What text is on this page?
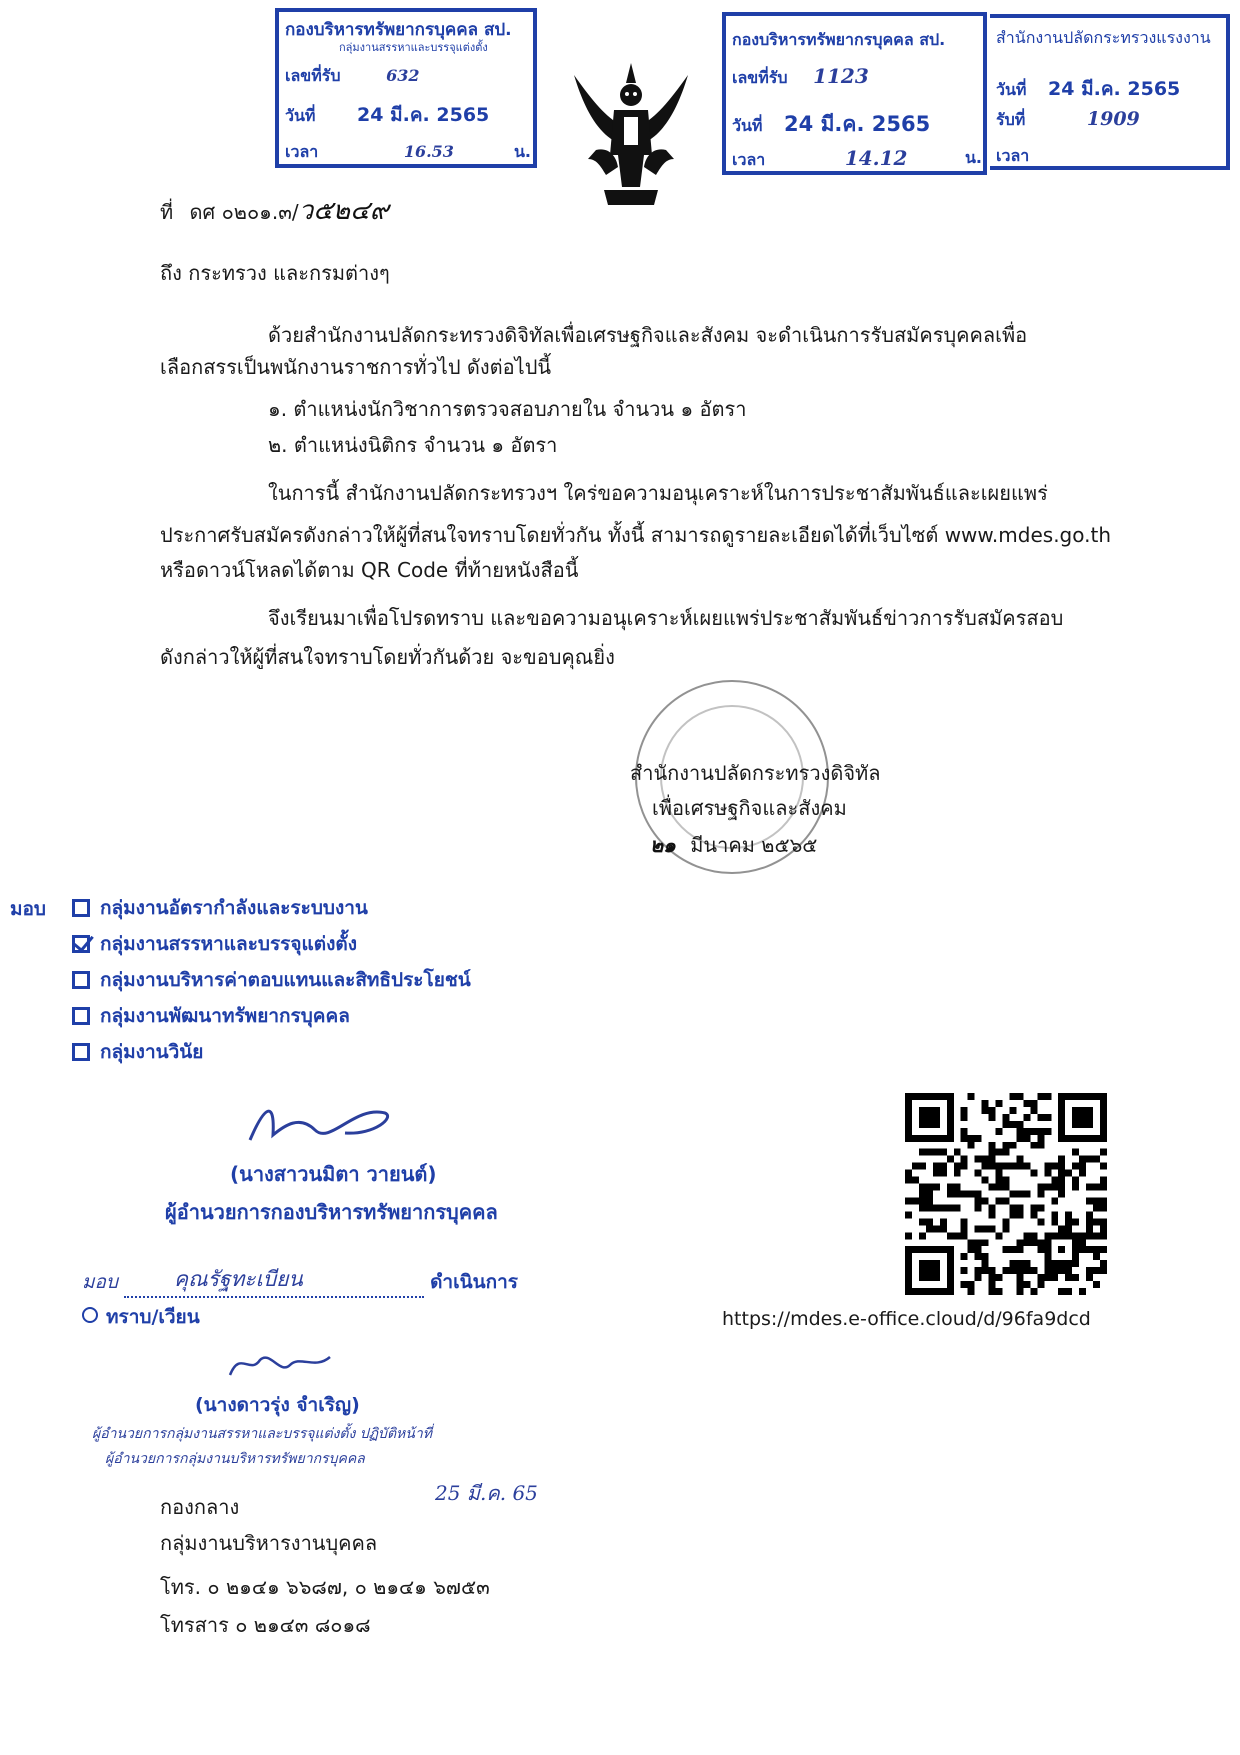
กองบริหารทรัพยากรบุคคล สป.
กลุ่มงานสรรหาและบรรจุแต่งตั้ง
เลขที่รับ	632
วันที่ 24 มี.ค. 2565
เวลา	16.53	น.
กองบริหารทรัพยากรบุคคล สป.
เลขที่รับ 1123
วันที่ 24 มี.ค. 2565
เวลา	14.12	น.
สำนักงานปลัดกระทรวงแรงงาน
วันที่ 24 มี.ค. 2565
รับที่	1909
เวลา
ที่ ดศ ๐๒๐๑.๓/ว๕๒๔๙
ถึง กระทรวง และกรมต่างๆ
ด้วยสำนักงานปลัดกระทรวงดิจิทัลเพื่อเศรษฐกิจและสังคม จะดำเนินการรับสมัครบุคคลเพื่อ
เลือกสรรเป็นพนักงานราชการทั่วไป ดังต่อไปนี้
๑. ตำแหน่งนักวิชาการตรวจสอบภายใน จำนวน ๑ อัตรา
๒. ตำแหน่งนิติกร จำนวน ๑ อัตรา
ในการนี้ สำนักงานปลัดกระทรวงฯ ใคร่ขอความอนุเคราะห์ในการประชาสัมพันธ์และเผยแพร่
ประกาศรับสมัครดังกล่าวให้ผู้ที่สนใจทราบโดยทั่วกัน ทั้งนี้ สามารถดูรายละเอียดได้ที่เว็บไซต์ www.mdes.go.th
หรือดาวน์โหลดได้ตาม QR Code ที่ท้ายหนังสือนี้
จึงเรียนมาเพื่อโปรดทราบ และขอความอนุเคราะห์เผยแพร่ประชาสัมพันธ์ข่าวการรับสมัครสอบ
ดังกล่าวให้ผู้ที่สนใจทราบโดยทั่วกันด้วย จะขอบคุณยิ่ง
สำนักงานปลัดกระทรวงดิจิทัล
เพื่อเศรษฐกิจและสังคม
๒๑ มีนาคม ๒๕๖๕
มอบ	กลุ่มงานอัตรากำลังและระบบงาน
กลุ่มงานสรรหาและบรรจุแต่งตั้ง
กลุ่มงานบริหารค่าตอบแทนและสิทธิประโยชน์
กลุ่มงานพัฒนาทรัพยากรบุคคล
กลุ่มงานวินัย
(นางสาวนมิตา วายนต์)
ผู้อำนวยการกองบริหารทรัพยากรบุคคล
มอบ	คุณรัฐทะเบียน	ดำเนินการ
ทราบ/เวียน
(นางดาวรุ่ง จำเริญ)
ผู้อำนวยการกลุ่มงานสรรหาและบรรจุแต่งตั้ง ปฏิบัติหน้าที่
ผู้อำนวยการกลุ่มงานบริหารทรัพยากรบุคคล
25 มี.ค. 65
กองกลาง
กลุ่มงานบริหารงานบุคคล
โทร. ๐ ๒๑๔๑ ๖๖๘๗, ๐ ๒๑๔๑ ๖๗๕๓
โทรสาร ๐ ๒๑๔๓ ๘๐๑๘
https://mdes.e-office.cloud/d/96fa9dcd
